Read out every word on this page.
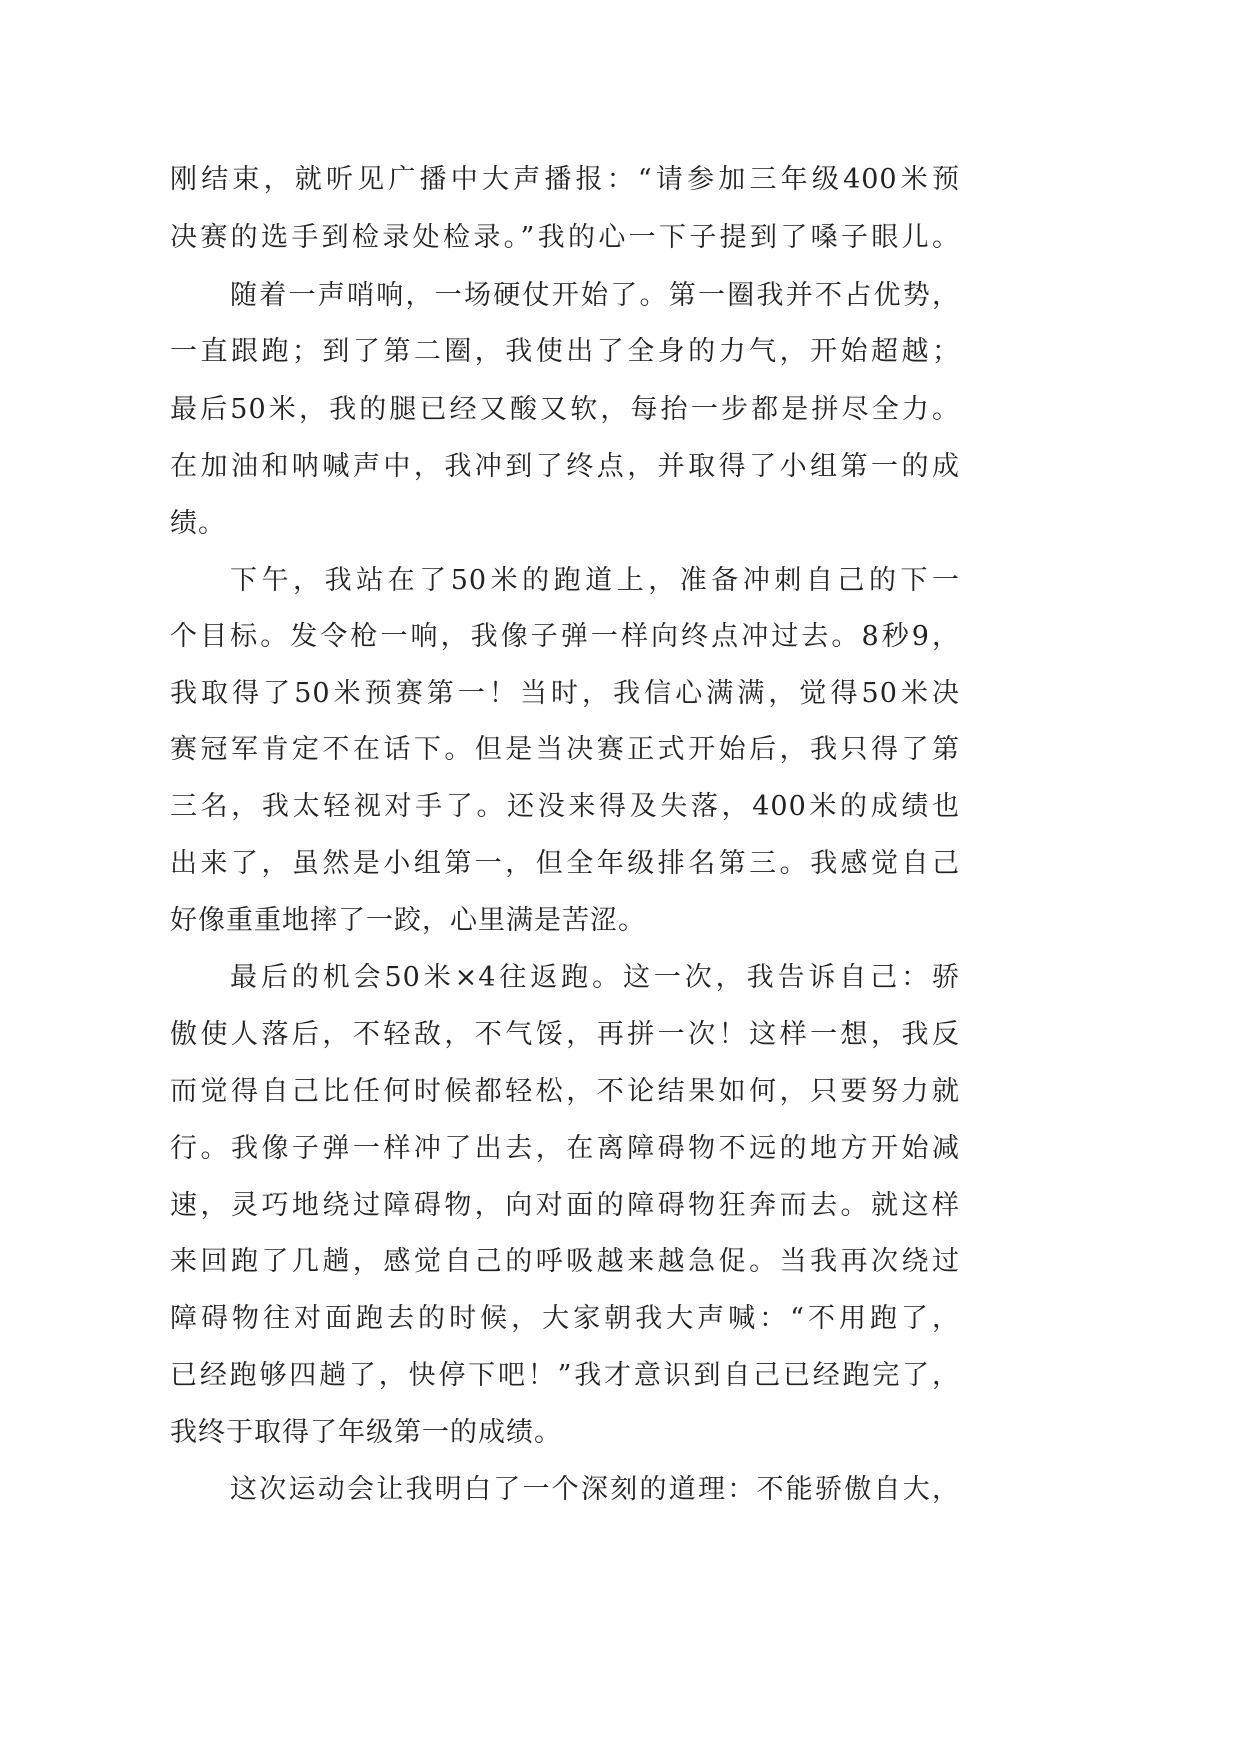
刚结束，就听见广播中大声播报：“请参加三年级400米预
决赛的选手到检录处检录。”我的心一下子提到了嗓子眼儿。
随着一声哨响，一场硬仗开始了。第一圈我并不占优势，
一直跟跑；到了第二圈，我使出了全身的力气，开始超越；
最后50米，我的腿已经又酸又软，每抬一步都是拼尽全力。
在加油和呐喊声中，我冲到了终点，并取得了小组第一的成
绩。
下午，我站在了50米的跑道上，准备冲刺自己的下一
个目标。发令枪一响，我像子弹一样向终点冲过去。8秒9，
我取得了50米预赛第一！当时，我信心满满，觉得50米决
赛冠军肯定不在话下。但是当决赛正式开始后，我只得了第
三名，我太轻视对手了。还没来得及失落，400米的成绩也
出来了，虽然是小组第一，但全年级排名第三。我感觉自己
好像重重地摔了一跤，心里满是苦涩。
最后的机会50米×4往返跑。这一次，我告诉自己：骄
傲使人落后，不轻敌，不气馁，再拼一次！这样一想，我反
而觉得自己比任何时候都轻松，不论结果如何，只要努力就
行。我像子弹一样冲了出去，在离障碍物不远的地方开始减
速，灵巧地绕过障碍物，向对面的障碍物狂奔而去。就这样
来回跑了几趟，感觉自己的呼吸越来越急促。当我再次绕过
障碍物往对面跑去的时候，大家朝我大声喊：“不用跑了，
已经跑够四趟了，快停下吧！”我才意识到自己已经跑完了，
我终于取得了年级第一的成绩。
这次运动会让我明白了一个深刻的道理：不能骄傲自大，
